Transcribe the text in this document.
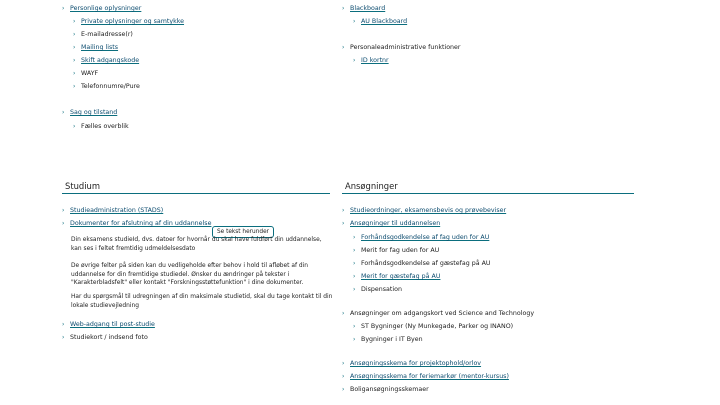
› Personlige oplysninger
› Private oplysninger og samtykke
› E-mailadresse(r)
› Mailing lists
› Skift adgangskode
› WAYF
› Telefonnumre/Pure
› Sag og tilstand
› Fælles overblik
Studium
› Studieadministration (STADS)
› Dokumenter for afslutning af din uddannelse
Se tekst herunder
Din eksamens studieId, dvs. datoer for hvornår du skal have fuldført din uddannelse, kan ses i feltet fremtidig udmeldelsesdato
De øvrige felter på siden kan du vedligeholde efter behov i hold til afløbet af din uddannelse for din fremtidige studiedel. Ønsker du ændringer på tekster i "Karakterbladsfelt" eller kontakt "Forskningsstøttefunktion" i dine dokumenter.
Har du spørgsmål til udregningen af din maksimale studietid, skal du tage kontakt til din lokale studievejledning
› Web-adgang til post-studie
› Studiekort / indsend foto
› Blackboard
› AU Blackboard
› Personaleadministrative funktioner
› ID kortnr
Ansøgninger
› Studieordninger, eksamensbevis og prøvebeviser
› Ansøgninger til uddannelsen
› Forhåndsgodkendelse af fag uden for AU
› Merit for fag uden for AU
› Forhåndsgodkendelse af gæstefag på AU
› Merit for gæstefag på AU
› Dispensation
› Ansøgninger om adgangskort ved Science and Technology
› ST Bygninger (Ny Munkegade, Parker og INANO)
› Bygninger i IT Byen
› Ansøgningsskema for projektophold/orlov
› Ansøgningsskema for feriemarkør (mentor-kursus)
› Boligansøgningsskemaer
